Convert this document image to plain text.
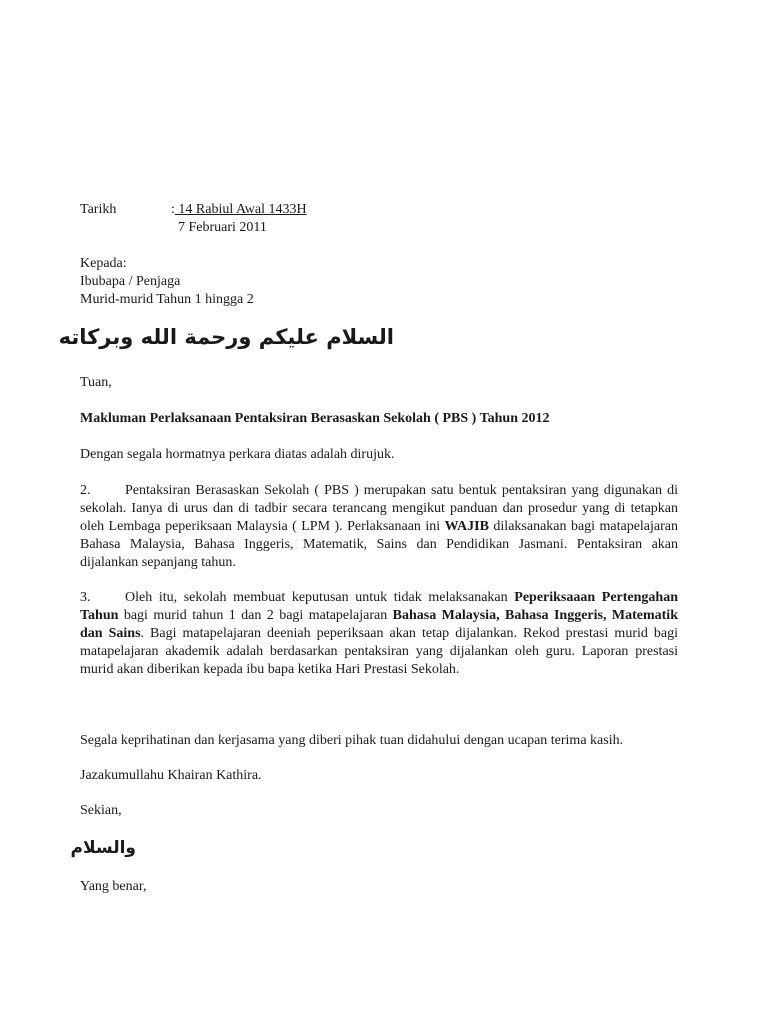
Tarikh	: 14 Rabiul Awal 1433H
7 Februari 2011
Kepada:
Ibubapa / Penjaga
Murid-murid Tahun 1 hingga 2
السلام عليكم ورحمة الله وبركاته
Tuan,
Makluman Perlaksanaan Pentaksiran Berasaskan Sekolah ( PBS ) Tahun 2012
Dengan segala hormatnya perkara diatas adalah dirujuk.
2. Pentaksiran Berasaskan Sekolah ( PBS ) merupakan satu bentuk pentaksiran yang digunakan di sekolah. Ianya di urus dan di tadbir secara terancang mengikut panduan dan prosedur yang di tetapkan oleh Lembaga peperiksaan Malaysia ( LPM ). Perlaksanaan ini WAJIB dilaksanakan bagi matapelajaran Bahasa Malaysia, Bahasa Inggeris, Matematik, Sains dan Pendidikan Jasmani. Pentaksiran akan dijalankan sepanjang tahun.
3. Oleh itu, sekolah membuat keputusan untuk tidak melaksanakan Peperiksaaan Pertengahan Tahun bagi murid tahun 1 dan 2 bagi matapelajaran Bahasa Malaysia, Bahasa Inggeris, Matematik dan Sains. Bagi matapelajaran deeniah peperiksaan akan tetap dijalankan. Rekod prestasi murid bagi matapelajaran akademik adalah berdasarkan pentaksiran yang dijalankan oleh guru. Laporan prestasi murid akan diberikan kepada ibu bapa ketika Hari Prestasi Sekolah.
Segala keprihatinan dan kerjasama yang diberi pihak tuan didahului dengan ucapan terima kasih.
Jazakumullahu Khairan Kathira.
Sekian,
والسلام
Yang benar,
